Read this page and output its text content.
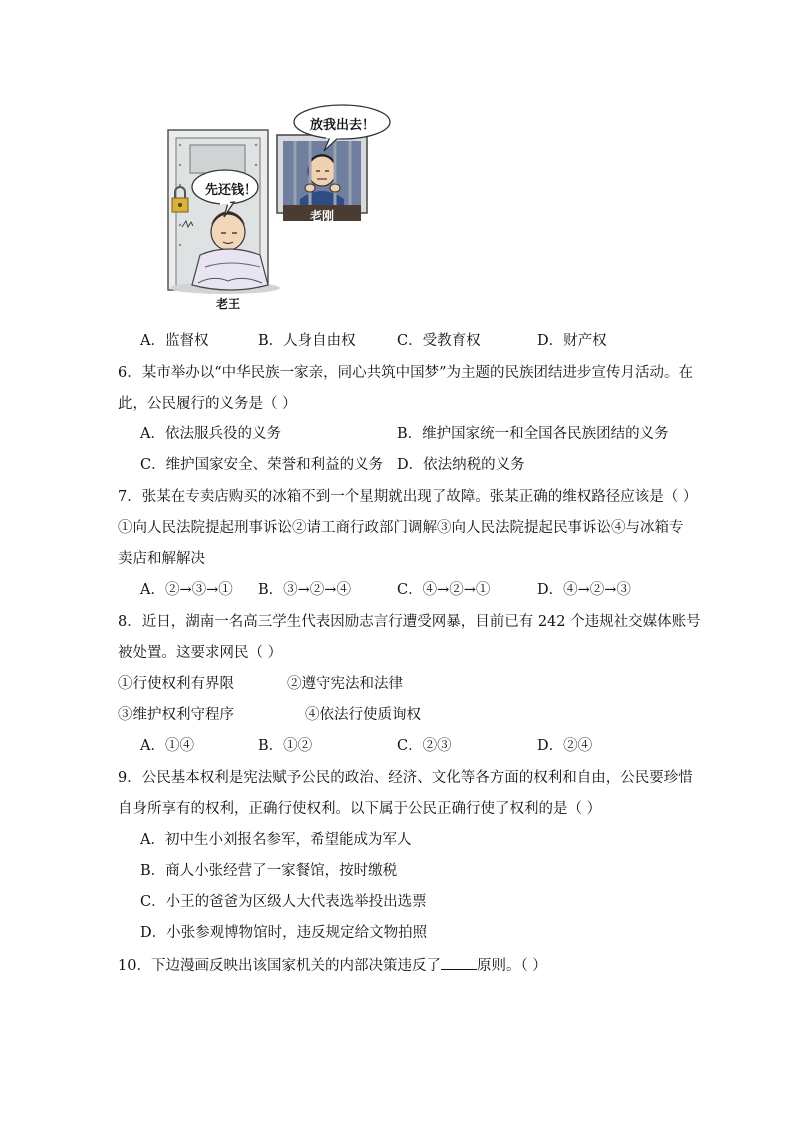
先还钱！
放我出去！
老刚
老王
A．监督权	B．人身自由权	C．受教育权	D．财产权
6．某市举办以“中华民族一家亲，同心共筑中国梦”为主题的民族团结进步宣传月活动。在
此，公民履行的义务是（ ）
A．依法服兵役的义务	B．维护国家统一和全国各民族团结的义务
C．维护国家安全、荣誉和利益的义务 D．依法纳税的义务
7．张某在专卖店购买的冰箱不到一个星期就出现了故障。张某正确的维权路径应该是（ ）
①向人民法院提起刑事诉讼②请工商行政部门调解③向人民法院提起民事诉讼④与冰箱专
卖店和解解决
A．②→③→① B．③→②→④	C．④→②→①	D．④→②→③
8．近日，湖南一名高三学生代表因励志言行遭受网暴，目前已有 242 个违规社交媒体账号
被处置。这要求网民（ ）
①行使权利有界限	②遵守宪法和法律
③维护权利守程序	④依法行使质询权
A．①④	B．①②	C．②③	D．②④
9．公民基本权利是宪法赋予公民的政治、经济、文化等各方面的权利和自由，公民要珍惜
自身所享有的权利，正确行使权利。以下属于公民正确行使了权利的是（ ）
A．初中生小刘报名参军，希望能成为军人
B．商人小张经营了一家餐馆，按时缴税
C．小王的爸爸为区级人大代表选举投出选票
D．小张参观博物馆时，违反规定给文物拍照
10．下边漫画反映出该国家机关的内部决策违反了 原则。（ ）
